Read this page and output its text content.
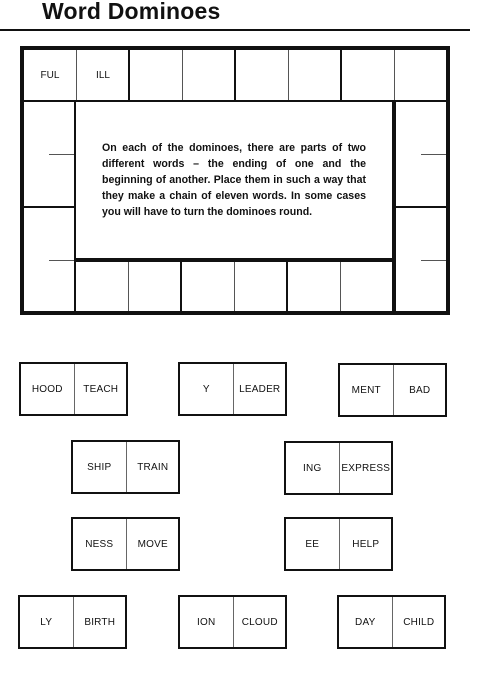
Word Dominoes
FUL	ILL

On each of the dominoes, there are parts of two different words – the ending of one and the beginning of another. Place them in such a way that they make a chain of eleven words. In some cases you will have to turn the dominoes round.

HOOD	TEACH	Y	LEADER	MENT	BAD
SHIP	TRAIN	ING	EXPRESS
NESS	MOVE	EE	HELP
LY	BIRTH	ION	CLOUD	DAY	CHILD
